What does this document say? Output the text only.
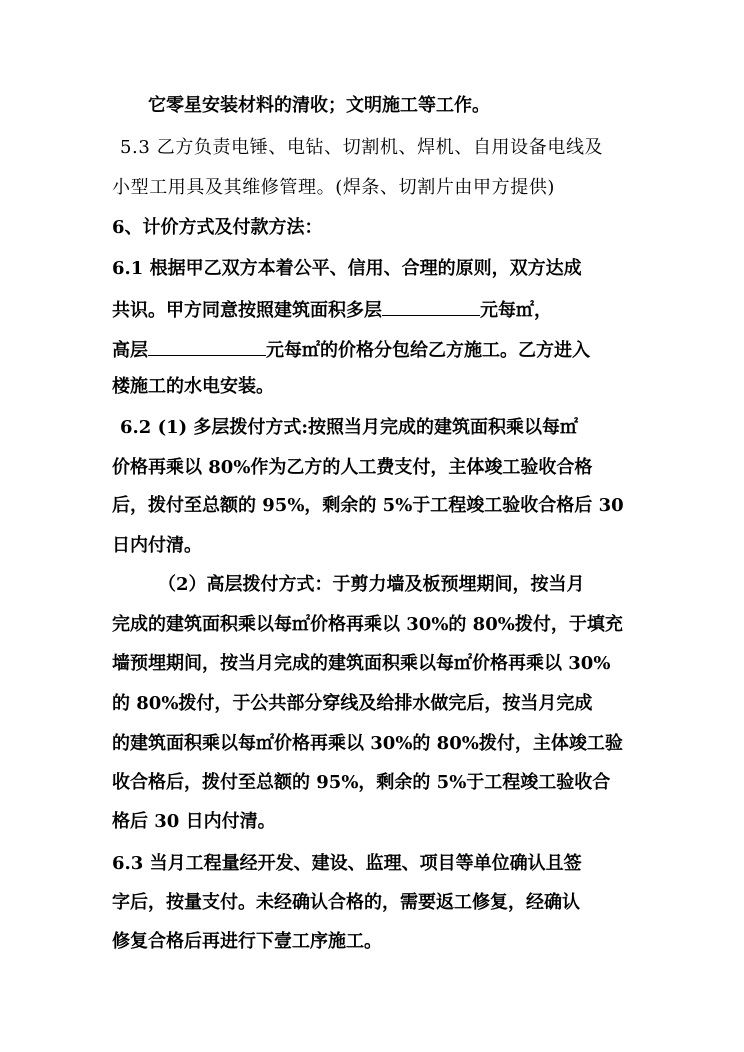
它零星安装材料的清收；文明施工等工作。
5.3 乙方负责电锤、电钻、切割机、焊机、自用设备电线及
小型工用具及其维修管理。(焊条、切割片由甲方提供)
6、计价方式及付款方法：
6.1 根据甲乙双方本着公平、信用、合理的原则，双方达成
共识。甲方同意按照建筑面积多层	元每㎡，
高层	元每㎡的价格分包给乙方施工。乙方进入
楼施工的水电安装。
6.2 (1) 多层拨付方式:按照当月完成的建筑面积乘以每㎡
价格再乘以 80%作为乙方的人工费支付，主体竣工验收合格
后，拨付至总额的 95%，剩余的 5%于工程竣工验收合格后 30
日内付清。
（2）高层拨付方式：于剪力墙及板预埋期间，按当月
完成的建筑面积乘以每㎡价格再乘以 30%的 80%拨付，于填充
墙预埋期间，按当月完成的建筑面积乘以每㎡价格再乘以 30%
的 80%拨付，于公共部分穿线及给排水做完后，按当月完成
的建筑面积乘以每㎡价格再乘以 30%的 80%拨付，主体竣工验
收合格后，拨付至总额的 95%，剩余的 5%于工程竣工验收合
格后 30 日内付清。
6.3 当月工程量经开发、建设、监理、项目等单位确认且签
字后，按量支付。未经确认合格的，需要返工修复，经确认
修复合格后再进行下壹工序施工。
